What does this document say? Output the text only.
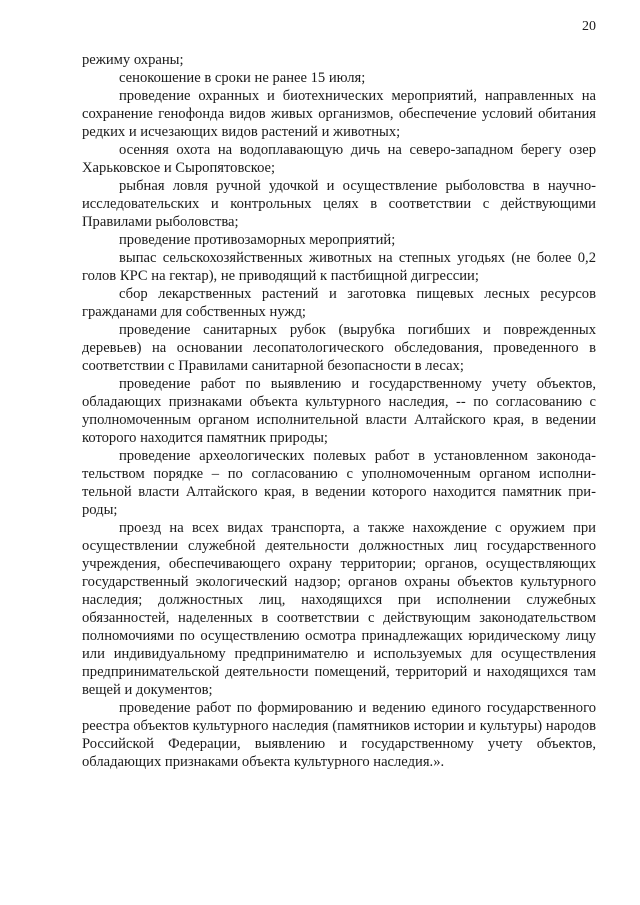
20

режиму охраны;

сенокошение в сроки не ранее 15 июля;

проведение охранных и биотехнических мероприятий, направленных на сохранение генофонда видов живых организмов, обеспечение условий обитания редких и исчезающих видов растений и животных;

осенняя охота на водоплавающую дичь на северо-западном берегу озер Харьковское и Сыропятовское;

рыбная ловля ручной удочкой и осуществление рыболовства в научно-исследовательских и контрольных целях в соответствии с действующими Правилами рыболовства;

проведение противозаморных мероприятий;

выпас сельскохозяйственных животных на степных угодьях (не более 0,2 голов КРС на гектар), не приводящий к пастбищной дигрессии;

сбор лекарственных растений и заготовка пищевых лесных ресурсов гражданами для собственных нужд;

проведение санитарных рубок (вырубка погибших и поврежденных деревьев) на основании лесопатологического обследования, проведенного в соответствии с Правилами санитарной безопасности в лесах;

проведение работ по выявлению и государственному учету объектов, обладающих признаками объекта культурного наследия, -- по согласованию с уполномоченным органом исполнительной власти Алтайского края, в ведении которого находится памятник природы;

проведение археологических полевых работ в установленном законодательством порядке – по согласованию с уполномоченным органом исполнительной власти Алтайского края, в ведении которого находится памятник природы;

проезд на всех видах транспорта, а также нахождение с оружием при осуществлении служебной деятельности должностных лиц государственного учреждения, обеспечивающего охрану территории; органов, осуществляющих государственный экологический надзор; органов охраны объектов культурного наследия; должностных лиц, находящихся при исполнении служебных обязанностей, наделенных в соответствии с действующим законодательством полномочиями по осуществлению осмотра принадлежащих юридическому лицу или индивидуальному предпринимателю и используемых для осуществления предпринимательской деятельности помещений, территорий и находящихся там вещей и документов;

проведение работ по формированию и ведению единого государственного реестра объектов культурного наследия (памятников истории и культуры) народов Российской Федерации, выявлению и государственному учету объектов, обладающих признаками объекта культурного наследия.».
